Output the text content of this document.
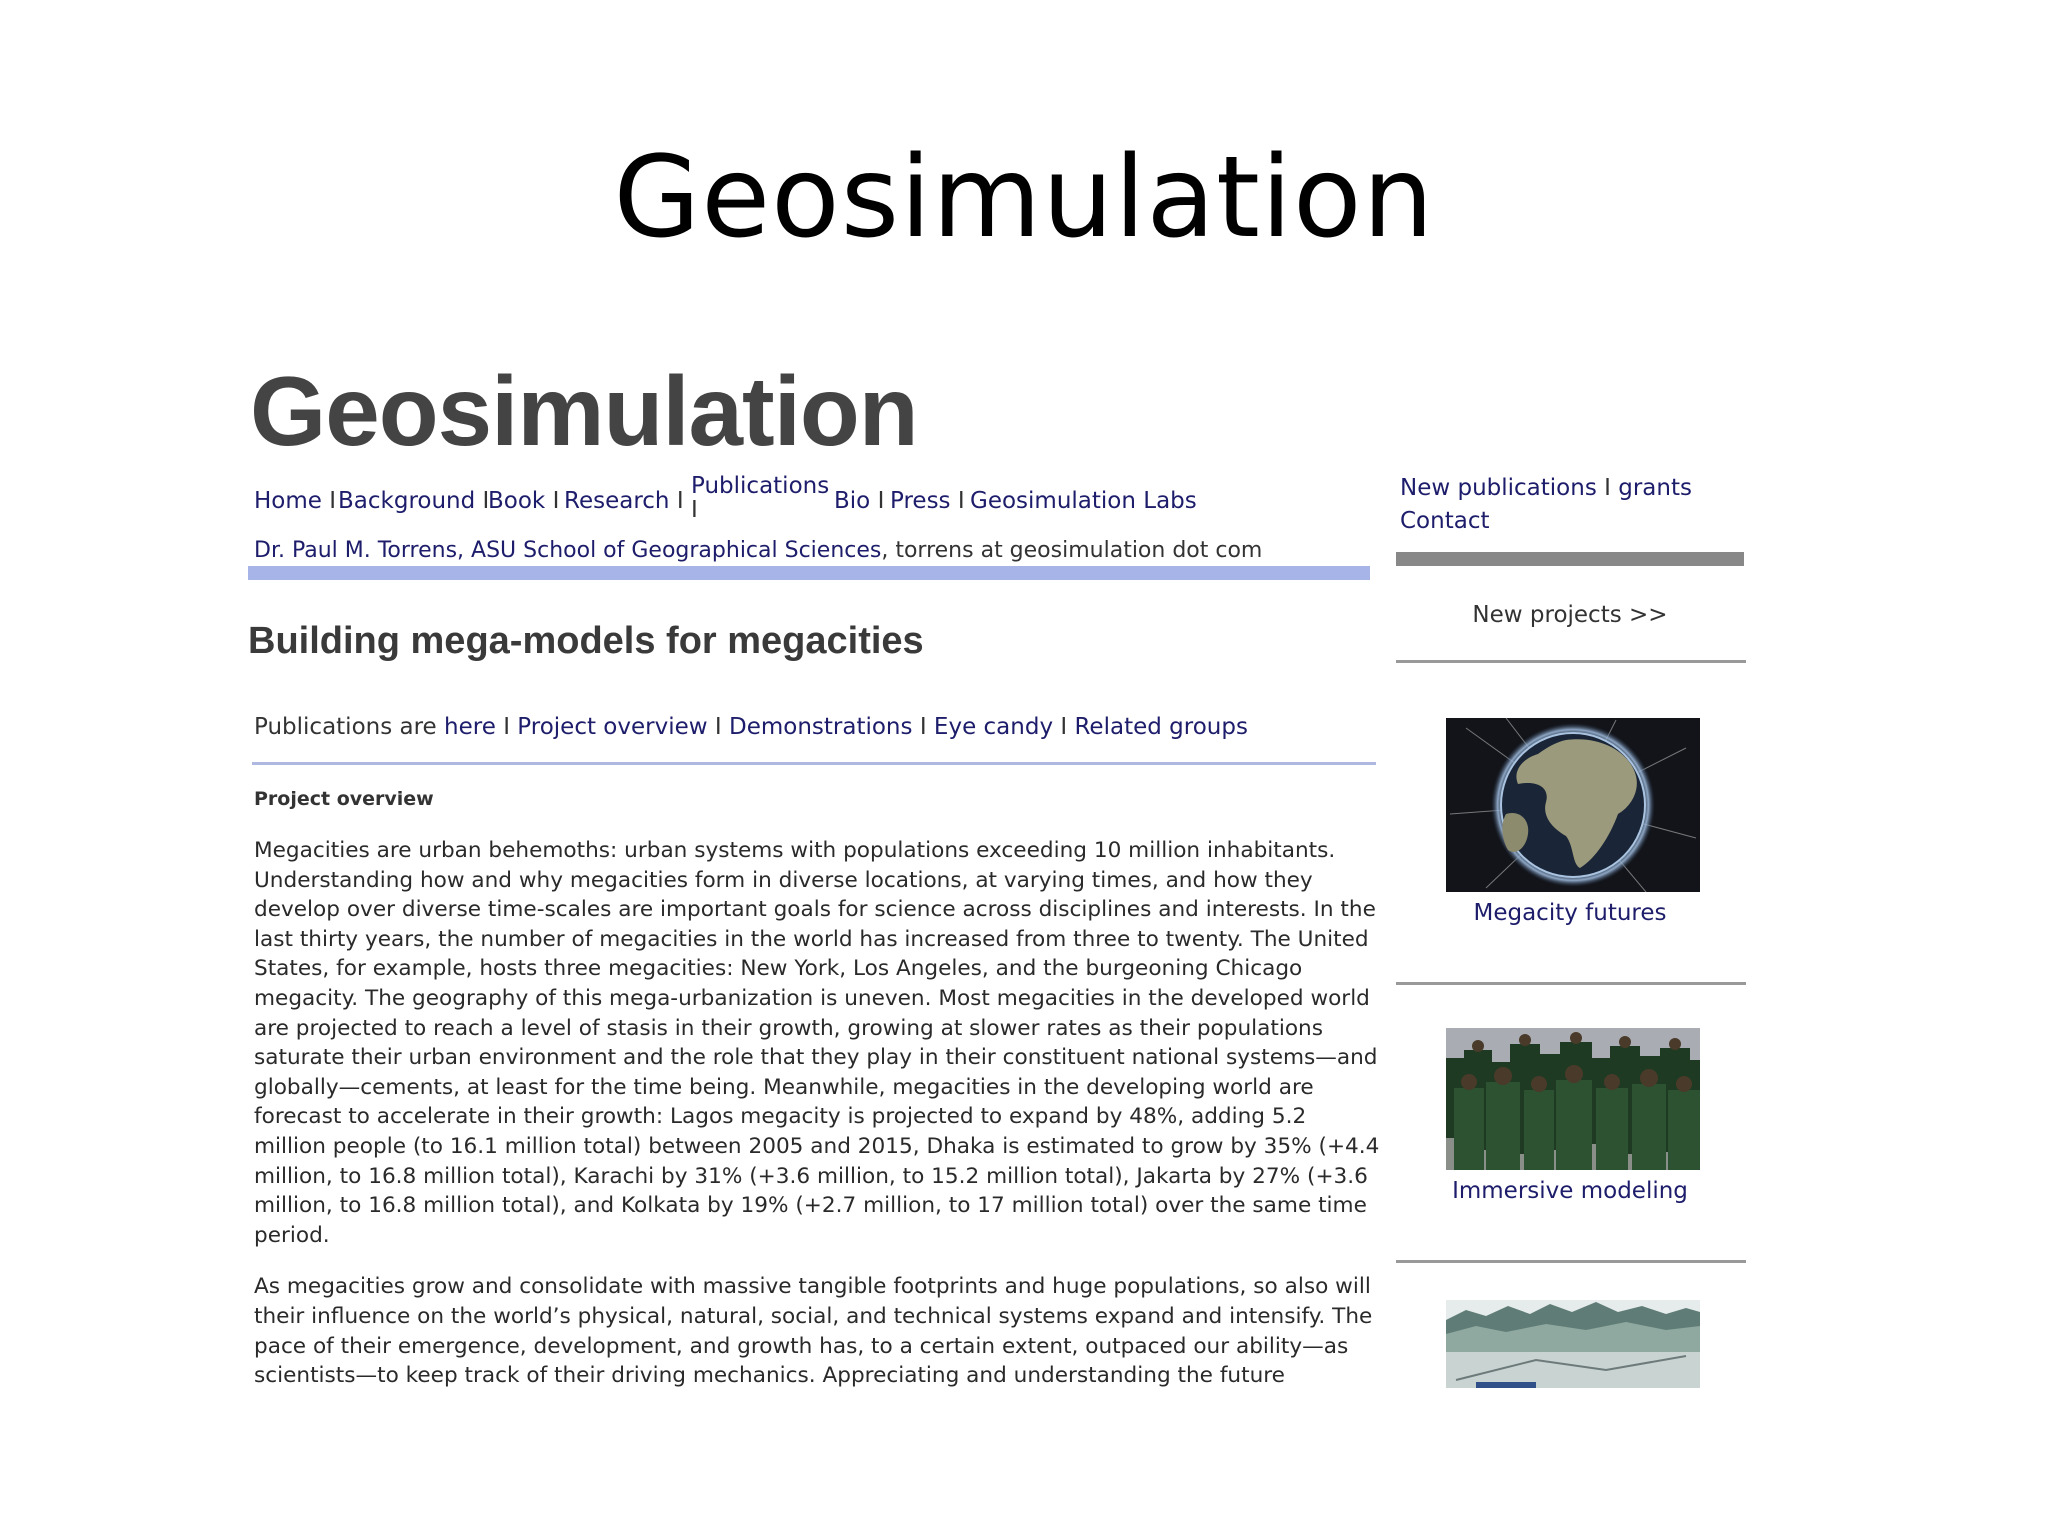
Geosimulation
Geosimulation
Home I Background I
Book I Research I
Publications
I	Bio I Press I Geosimulation Labs
Dr. Paul M. Torrens, ASU School of Geographical Sciences, torrens at geosimulation dot com
New publications I grants
Contact
Building mega-models for megacities
Publications are here I Project overview I Demonstrations I Eye candy I Related groups
Project overview

Megacities are urban behemoths: urban systems with populations exceeding 10 million inhabitants. Understanding how and why megacities form in diverse locations, at varying times, and how they develop over diverse time-scales are important goals for science across disciplines and interests. In the last thirty years, the number of megacities in the world has increased from three to twenty. The United States, for example, hosts three megacities: New York, Los Angeles, and the burgeoning Chicago megacity. The geography of this mega-urbanization is uneven. Most megacities in the developed world are projected to reach a level of stasis in their growth, growing at slower rates as their populations saturate their urban environment and the role that they play in their constituent national systems—and globally—cements, at least for the time being. Meanwhile, megacities in the developing world are forecast to accelerate in their growth: Lagos megacity is projected to expand by 48%, adding 5.2 million people (to 16.1 million total) between 2005 and 2015, Dhaka is estimated to grow by 35% (+4.4 million, to 16.8 million total), Karachi by 31% (+3.6 million, to 15.2 million total), Jakarta by 27% (+3.6 million, to 16.8 million total), and Kolkata by 19% (+2.7 million, to 17 million total) over the same time period.

As megacities grow and consolidate with massive tangible footprints and huge populations, so also will their influence on the world’s physical, natural, social, and technical systems expand and intensify. The pace of their emergence, development, and growth has, to a certain extent, outpaced our ability—as scientists—to keep track of their driving mechanics. Appreciating and understanding the future

New projects >>
Megacity futures
Immersive modeling
